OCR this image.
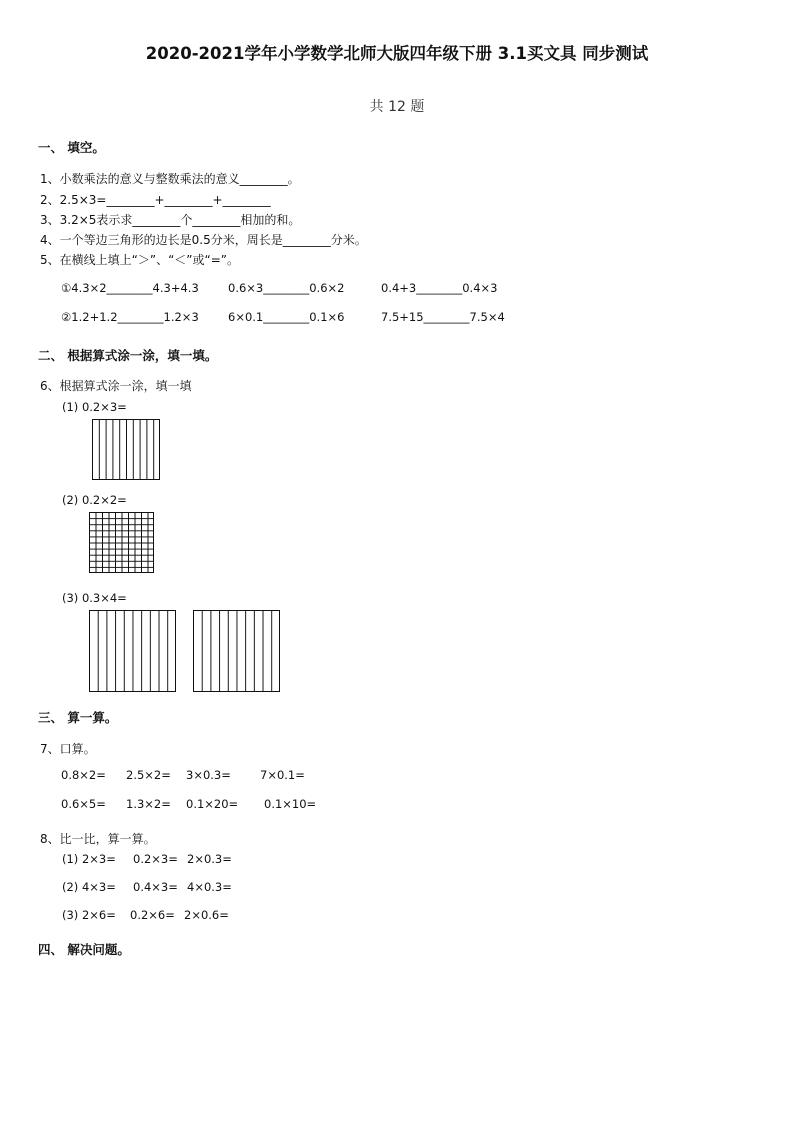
2020-2021学年小学数学北师大版四年级下册 3.1买文具 同步测试
共 12 题
一、 填空。
1、小数乘法的意义与整数乘法的意义________。
2、2.5×3=________+________+________
3、3.2×5表示求________个________相加的和。
4、一个等边三角形的边长是0.5分米，周长是________分米。
5、在横线上填上“＞”、“＜”或“=”。
①4.3×2________4.3+4.3	0.6×3________0.6×2	0.4+3________0.4×3
②1.2+1.2________1.2×3	6×0.1________0.1×6	7.5+15________7.5×4
二、 根据算式涂一涂，填一填。
6、根据算式涂一涂，填一填
(1) 0.2×3=
(2) 0.2×2=
(3) 0.3×4=
三、 算一算。
7、口算。
0.8×2= 2.5×2= 3×0.3=	7×0.1=
0.6×5= 1.3×2= 0.1×20= 0.1×10=
8、比一比，算一算。
(1) 2×3= 0.2×3= 2×0.3=
(2) 4×3= 0.4×3= 4×0.3=
(3) 2×6= 0.2×6= 2×0.6=
四、 解决问题。
